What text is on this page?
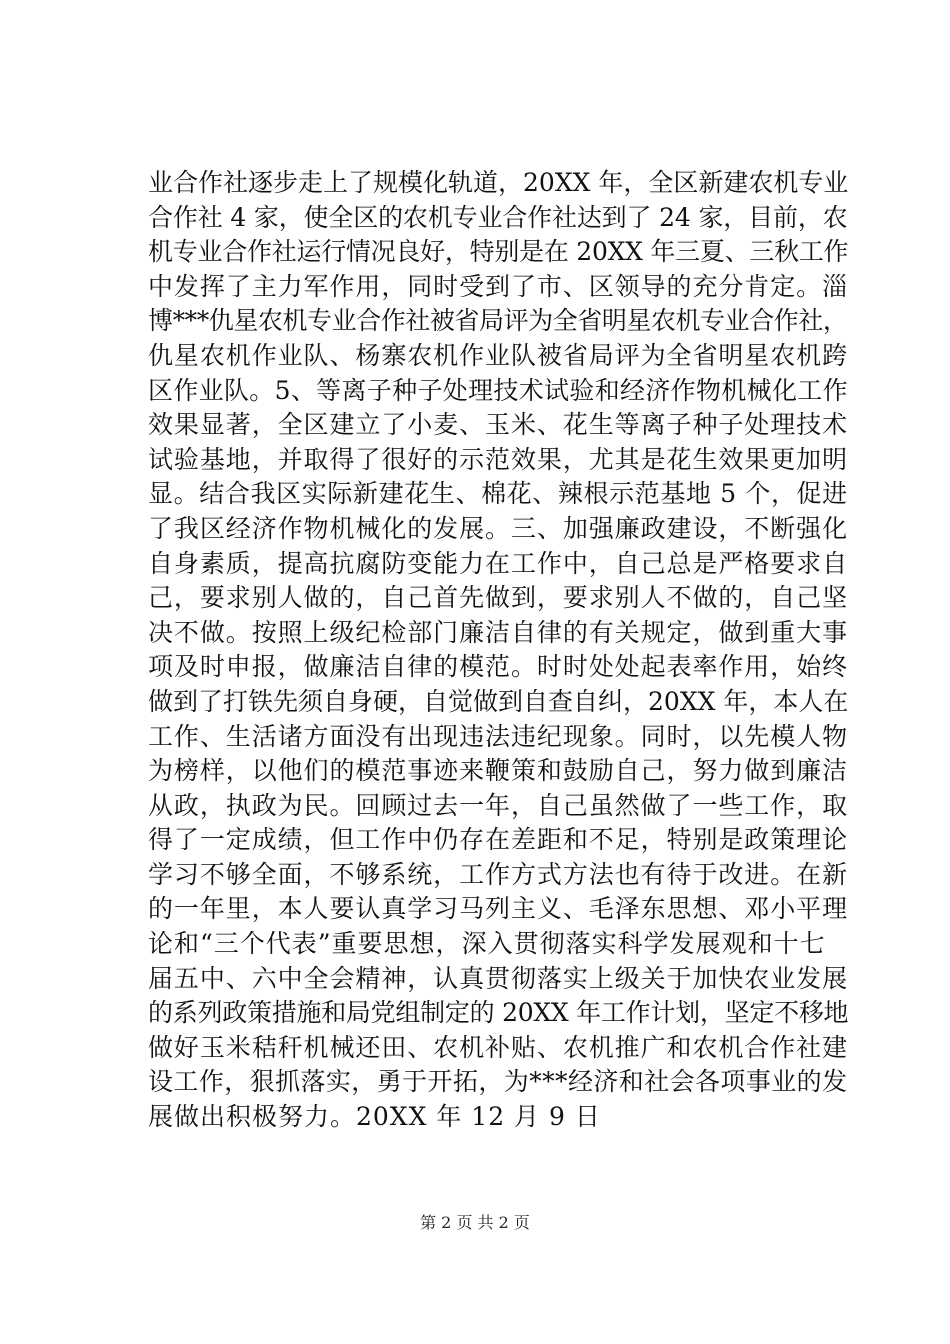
业合作社逐步走上了规模化轨道，20XX 年，全区新建农机专业
合作社 4 家，使全区的农机专业合作社达到了 24 家，目前，农
机专业合作社运行情况良好，特别是在 20XX 年三夏、三秋工作
中发挥了主力军作用，同时受到了市、区领导的充分肯定。淄
博***仇星农机专业合作社被省局评为全省明星农机专业合作社，
仇星农机作业队、杨寨农机作业队被省局评为全省明星农机跨
区作业队。5、等离子种子处理技术试验和经济作物机械化工作
效果显著，全区建立了小麦、玉米、花生等离子种子处理技术
试验基地，并取得了很好的示范效果，尤其是花生效果更加明
显。结合我区实际新建花生、棉花、辣根示范基地 5 个，促进
了我区经济作物机械化的发展。三、加强廉政建设，不断强化
自身素质，提高抗腐防变能力在工作中，自己总是严格要求自
己，要求别人做的，自己首先做到，要求别人不做的，自己坚
决不做。按照上级纪检部门廉洁自律的有关规定，做到重大事
项及时申报，做廉洁自律的模范。时时处处起表率作用，始终
做到了打铁先须自身硬，自觉做到自查自纠，20XX 年，本人在
工作、生活诸方面没有出现违法违纪现象。同时，以先模人物
为榜样，以他们的模范事迹来鞭策和鼓励自己，努力做到廉洁
从政，执政为民。回顾过去一年，自己虽然做了一些工作，取
得了一定成绩，但工作中仍存在差距和不足，特别是政策理论
学习不够全面，不够系统，工作方式方法也有待于改进。在新
的一年里，本人要认真学习马列主义、毛泽东思想、邓小平理
论和“三个代表”重要思想，深入贯彻落实科学发展观和十七
届五中、六中全会精神，认真贯彻落实上级关于加快农业发展
的系列政策措施和局党组制定的 20XX 年工作计划，坚定不移地
做好玉米秸秆机械还田、农机补贴、农机推广和农机合作社建
设工作，狠抓落实，勇于开拓，为***经济和社会各项事业的发
展做出积极努力。20XX 年 12 月 9 日
第 2 页 共 2 页
